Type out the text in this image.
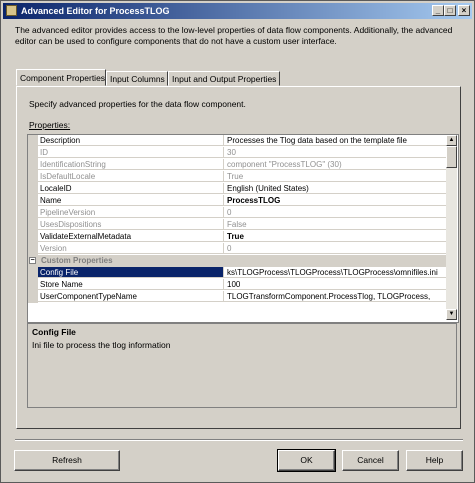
Advanced Editor for ProcessTLOG	_ □	×
The advanced editor provides access to the low-level properties of data flow components. Additionally, the advanced editor can be used to configure components that do not have a custom user interface.
Component Properties Input Columns Input and Output Properties
Specify advanced properties for the data flow component.
Properties:
Description	Processes the Tlog data based on the template file
ID	30
IdentificationString	component "ProcessTLOG" (30)
IsDefaultLocale	True
LocaleID	English (United States)
Name	ProcessTLOG
PipelineVersion	0
UsesDispositions	False
ValidateExternalMetadata	True
Version	0
− Custom Properties
Config File	ks\TLOGProcess\TLOGProcess\TLOGProcess\omnifiles.ini
Store Name	100
UserComponentTypeName	TLOGTransformComponent.ProcessTlog, TLOGProcess,
▲
▼
Config File
Ini file to process the tlog information
Refresh	OK	Cancel	Help
